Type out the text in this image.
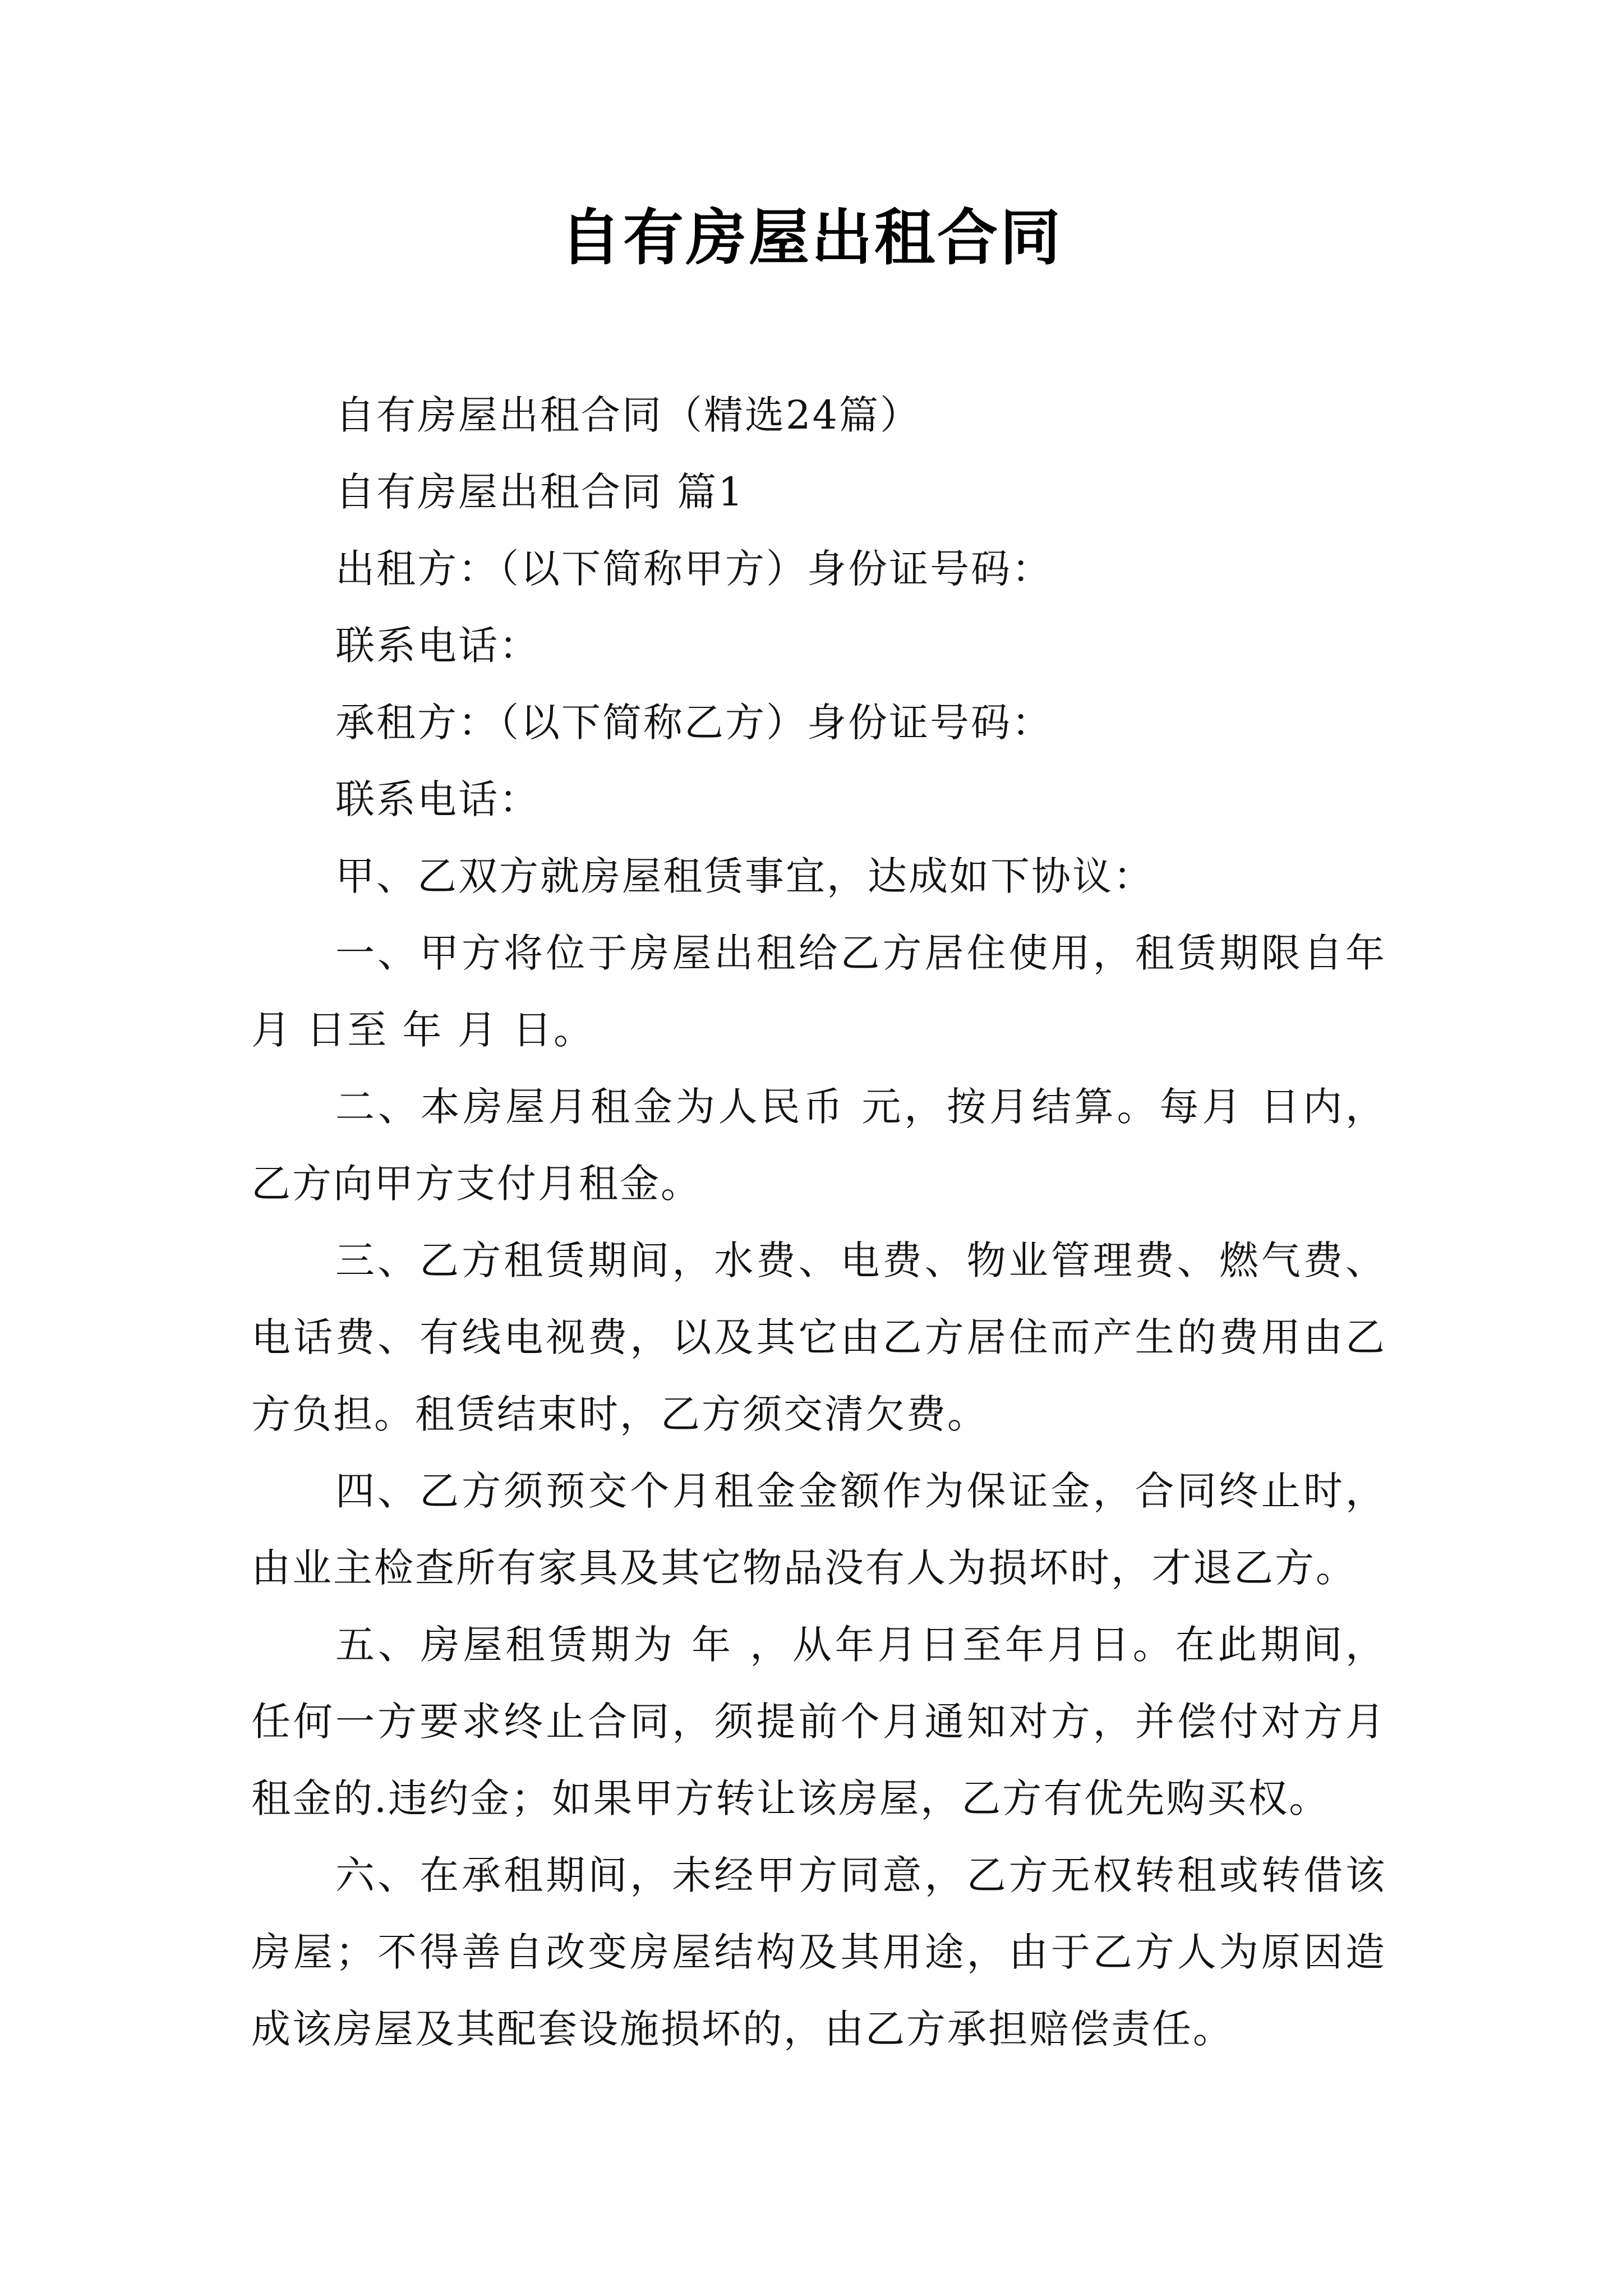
自有房屋出租合同

自有房屋出租合同（精选24篇）

自有房屋出租合同 篇1

出租方：（以下简称甲方）身份证号码：

联系电话：

承租方：（以下简称乙方）身份证号码：

联系电话：

甲、乙双方就房屋租赁事宜，达成如下协议：

一、甲方将位于房屋出租给乙方居住使用，租赁期限自年 月 日至 年 月 日。

二、本房屋月租金为人民币 元，按月结算。每月 日内，乙方向甲方支付月租金。

三、乙方租赁期间，水费、电费、物业管理费、燃气费、电话费、有线电视费，以及其它由乙方居住而产生的费用由乙方负担。租赁结束时，乙方须交清欠费。

四、乙方须预交个月租金金额作为保证金，合同终止时，由业主检查所有家具及其它物品没有人为损坏时，才退乙方。

五、房屋租赁期为 年 ，从年月日至年月日。在此期间，任何一方要求终止合同，须提前个月通知对方，并偿付对方月租金的.违约金；如果甲方转让该房屋，乙方有优先购买权。

六、在承租期间，未经甲方同意，乙方无权转租或转借该房屋；不得善自改变房屋结构及其用途，由于乙方人为原因造成该房屋及其配套设施损坏的，由乙方承担赔偿责任。
